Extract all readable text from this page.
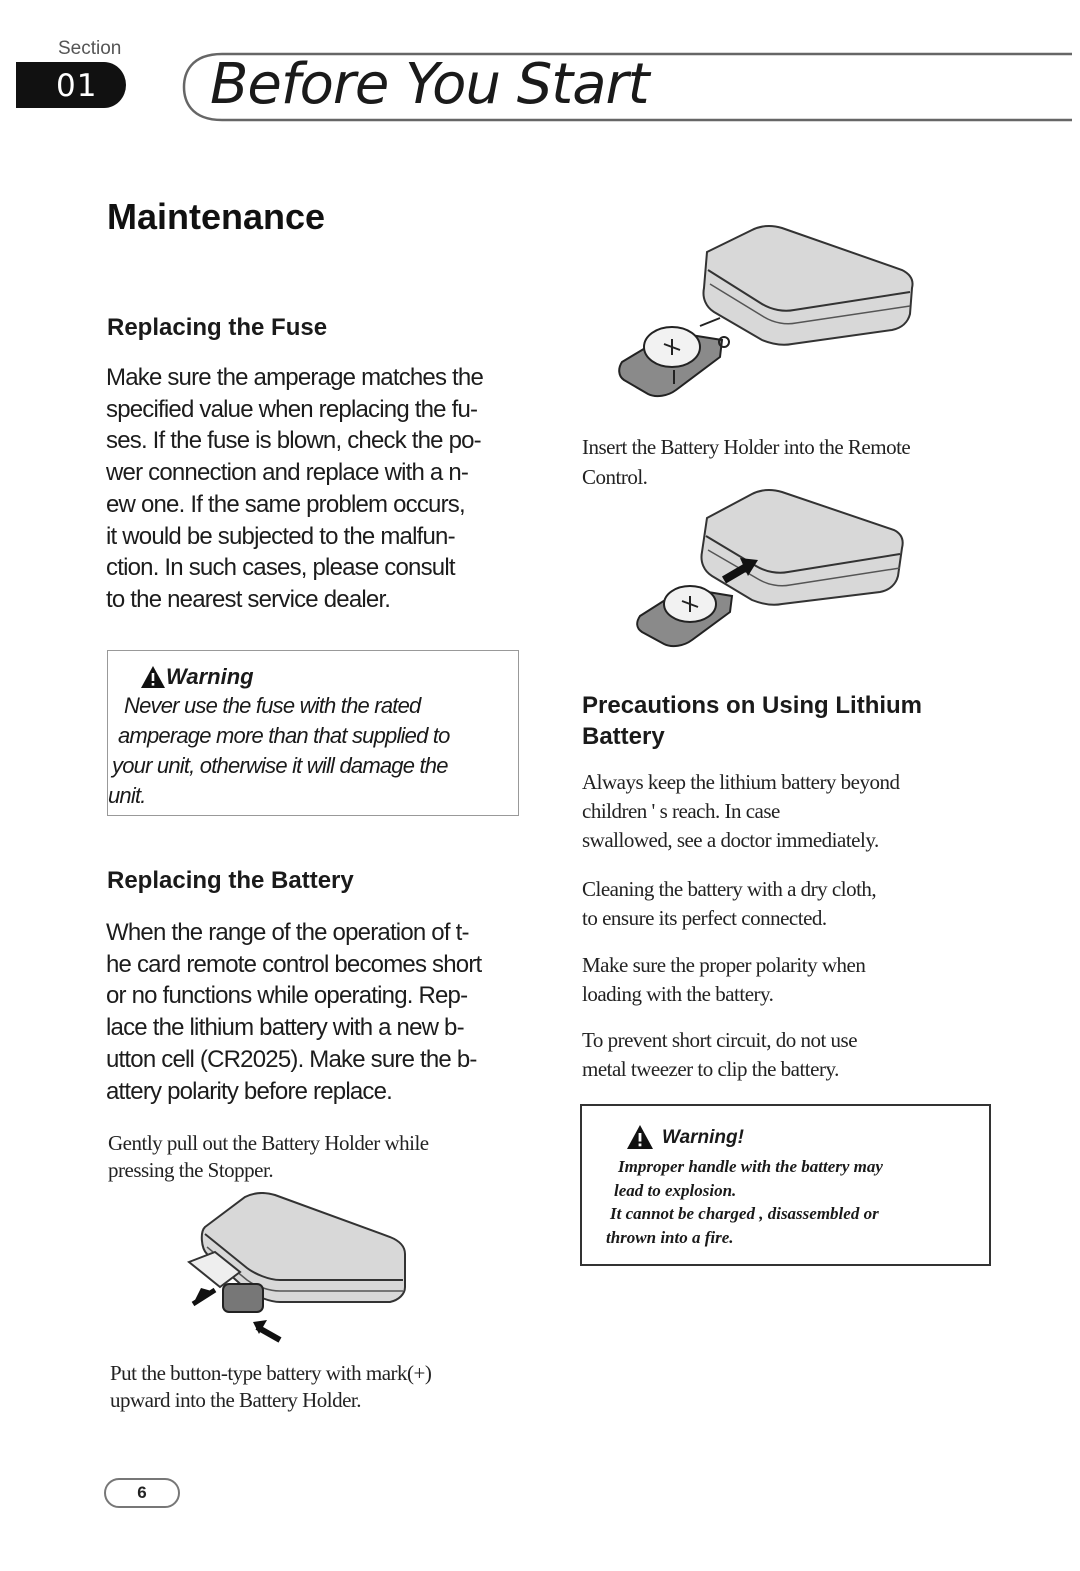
Section
01 Before You Start
Maintenance
Replacing the Fuse
Make sure the amperage matches the
specified value when replacing the fu-
ses. If the fuse is blown, check the po-
wer connection and replace with a n-
ew one. If the same problem occurs,
it would be subjected to the malfun-
ction. In such cases, please consult
to the nearest service dealer.
Warning
Never use the fuse with the rated
amperage more than that supplied to
your unit, otherwise it will damage the
unit.
Replacing the Battery
When the range of the operation of t-
he card remote control becomes short
or no functions while operating. Rep-
lace the lithium battery with a new b-
utton cell (CR2025). Make sure the b-
attery polarity before replace.
Gently pull out the Battery Holder while
pressing the Stopper.
Put the button-type battery with mark(+)
upward into the Battery Holder.
Insert the Battery Holder into the Remote
Control.
Precautions on Using Lithium
Battery
Always keep the lithium battery beyond
children ' s reach. In case
swallowed, see a doctor immediately.
Cleaning the battery with a dry cloth,
to ensure its perfect connected.
Make sure the proper polarity when
loading with the battery.
To prevent short circuit, do not use
metal tweezer to clip the battery.
Warning!
Improper handle with the battery may
lead to explosion.
It cannot be charged , disassembled or
thrown into a fire.
6
